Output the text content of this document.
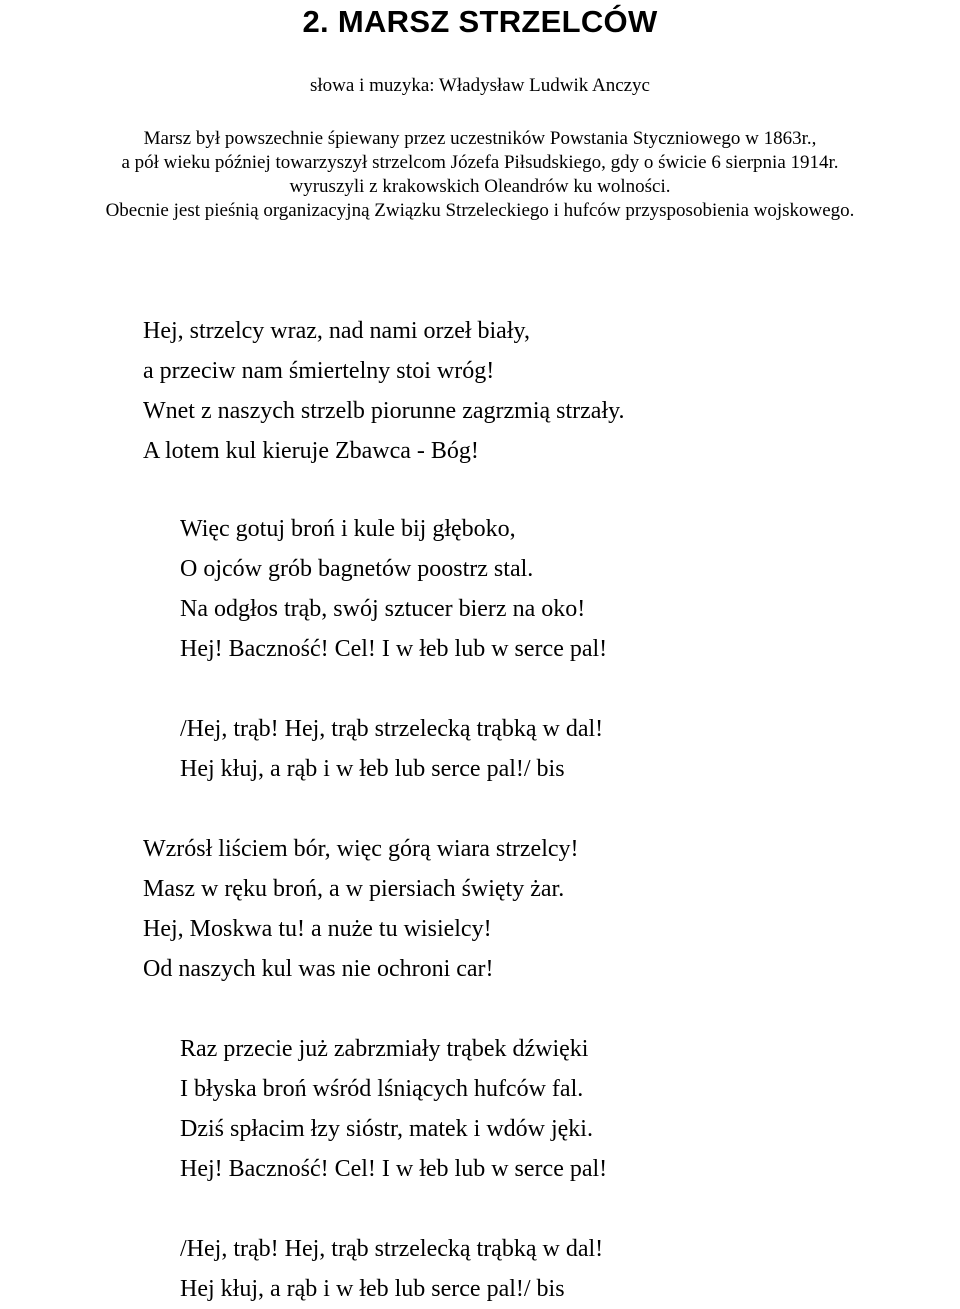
2. MARSZ STRZELCÓW

słowa i muzyka: Władysław Ludwik Anczyc

Marsz był powszechnie śpiewany przez uczestników Powstania Styczniowego w 1863r.,
a pół wieku później towarzyszył strzelcom Józefa Piłsudskiego, gdy o świcie 6 sierpnia 1914r.
wyruszyli z krakowskich Oleandrów ku wolności.
Obecnie jest pieśnią organizacyjną Związku Strzeleckiego i hufców przysposobienia wojskowego.
Hej, strzelcy wraz, nad nami orzeł biały,
a przeciw nam śmiertelny stoi wróg!
Wnet z naszych strzelb piorunne zagrzmią strzały.
A lotem kul kieruje Zbawca - Bóg!
Więc gotuj broń i kule bij głęboko,
O ojców grób bagnetów poostrz stal.
Na odgłos trąb, swój sztucer bierz na oko!
Hej! Baczność! Cel! I w łeb lub w serce pal!
/Hej, trąb! Hej, trąb strzelecką trąbką w dal!
Hej kłuj, a rąb i w łeb lub serce pal!/ bis
Wzrósł liściem bór, więc górą wiara strzelcy!
Masz w ręku broń, a w piersiach święty żar.
Hej, Moskwa tu! a nuże tu wisielcy!
Od naszych kul was nie ochroni car!
Raz przecie już zabrzmiały trąbek dźwięki
I błyska broń wśród lśniących hufców fal.
Dziś spłacim łzy sióstr, matek i wdów jęki.
Hej! Baczność! Cel! I w łeb lub w serce pal!
/Hej, trąb! Hej, trąb strzelecką trąbką w dal!
Hej kłuj, a rąb i w łeb lub serce pal!/ bis
